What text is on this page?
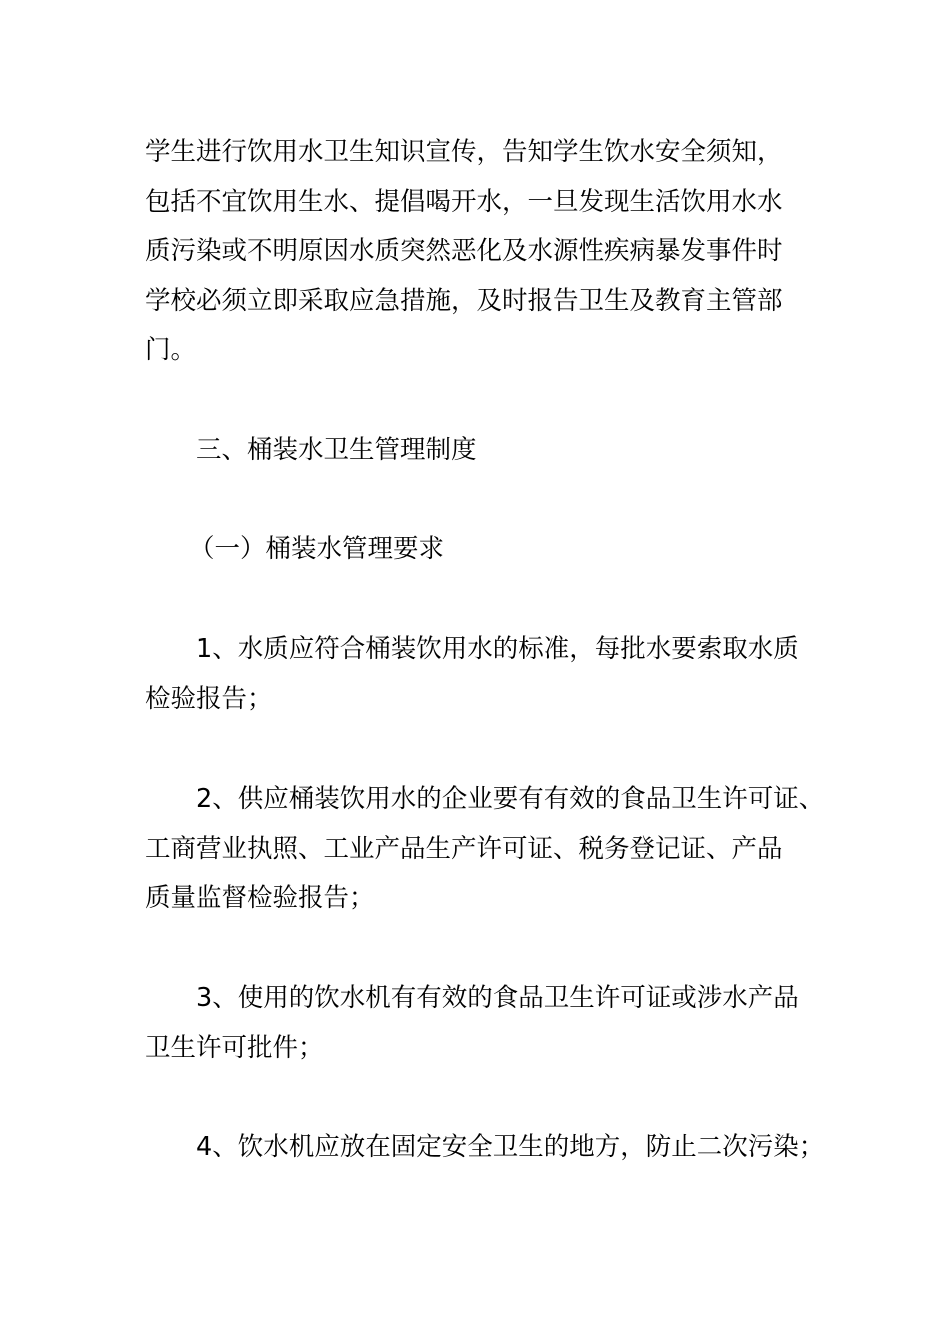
学生进行饮用水卫生知识宣传，告知学生饮水安全须知，
包括不宜饮用生水、提倡喝开水，一旦发现生活饮用水水
质污染或不明原因水质突然恶化及水源性疾病暴发事件时
学校必须立即采取应急措施，及时报告卫生及教育主管部
门。
三、桶装水卫生管理制度
（一）桶装水管理要求
1、水质应符合桶装饮用水的标准，每批水要索取水质
检验报告；
2、供应桶装饮用水的企业要有有效的食品卫生许可证、
工商营业执照、工业产品生产许可证、税务登记证、产品
质量监督检验报告；
3、使用的饮水机有有效的食品卫生许可证或涉水产品
卫生许可批件；
4、饮水机应放在固定安全卫生的地方，防止二次污染；
